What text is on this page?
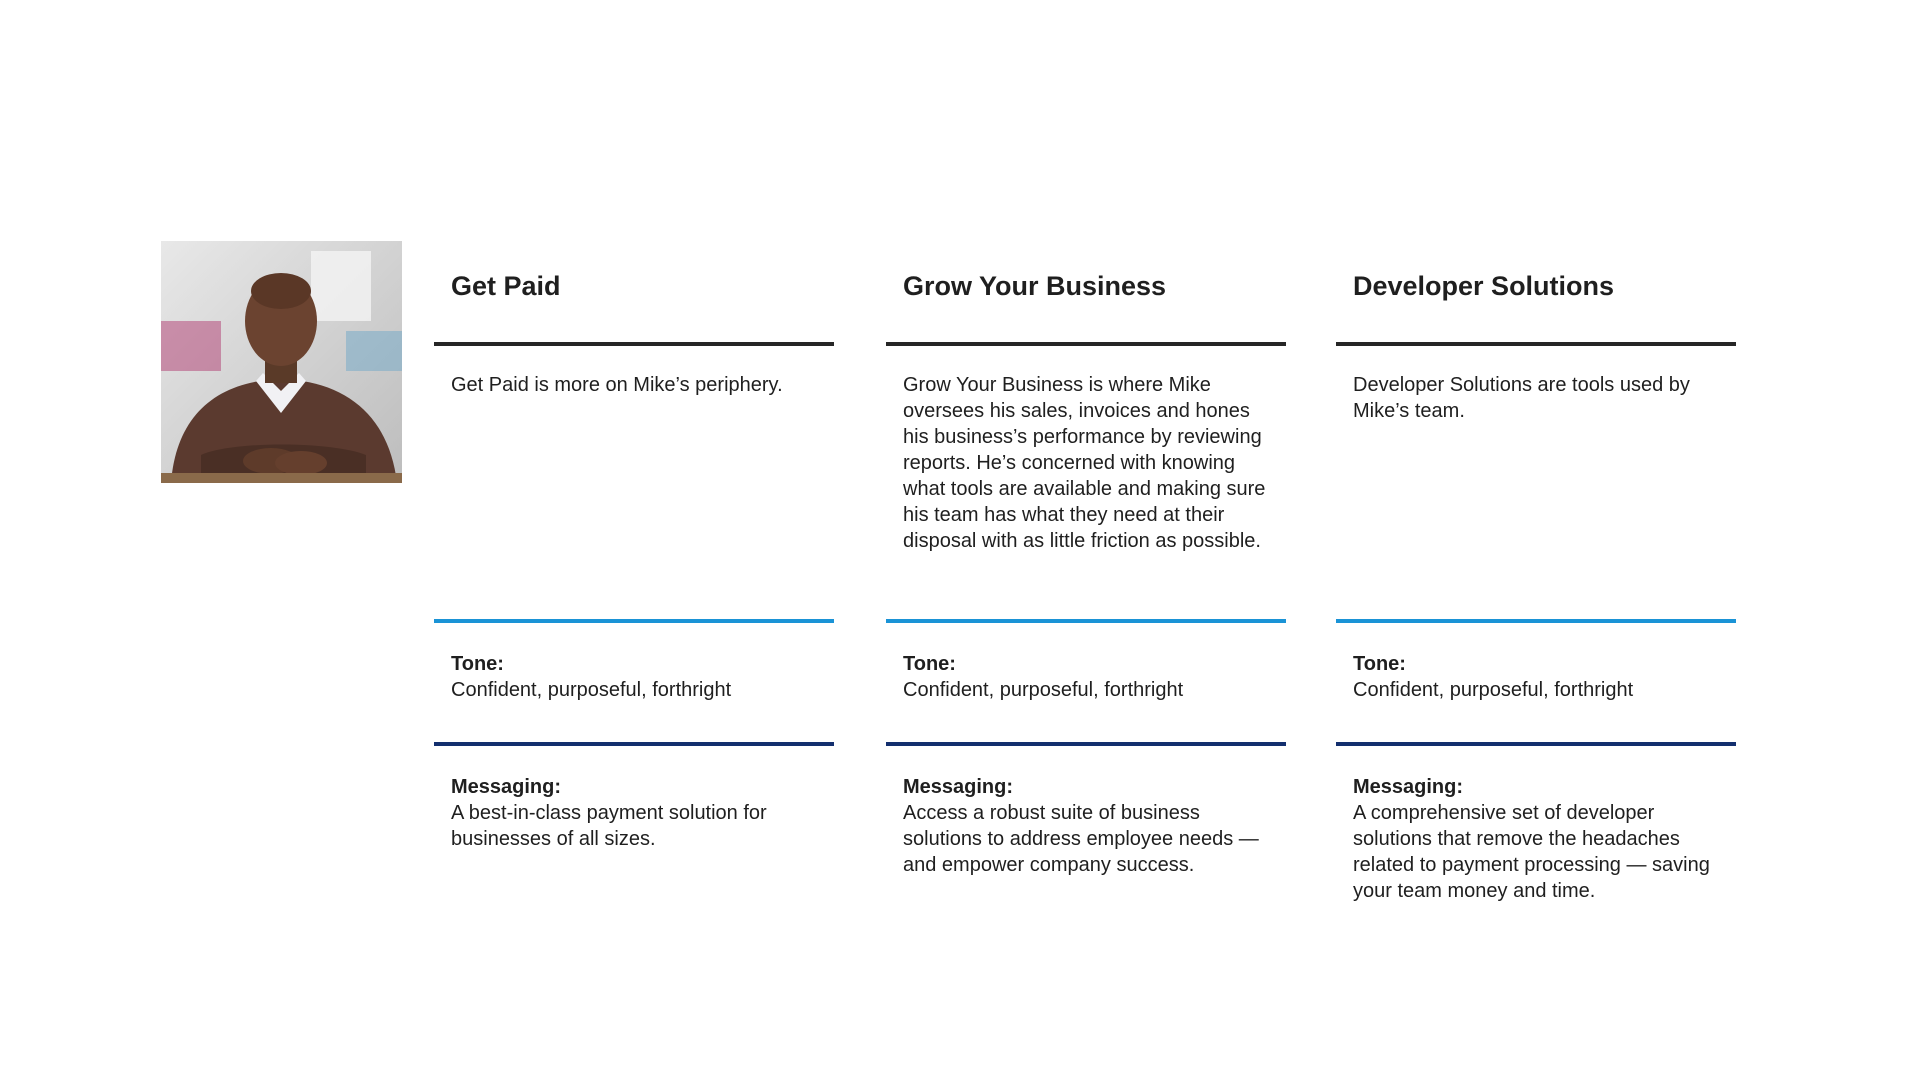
Get Paid

Get Paid is more on Mike’s periphery.

Tone:
Confident, purposeful, forthright
Messaging:
A best-in-class payment solution for businesses of all sizes.
Grow Your Business

Grow Your Business is where Mike oversees his sales, invoices and hones his business’s performance by reviewing reports. He’s concerned with knowing what tools are available and making sure his team has what they need at their disposal with as little friction as possible.

Tone:
Confident, purposeful, forthright
Messaging:
Access a robust suite of business solutions to address employee needs — and empower company success.
Developer Solutions

Developer Solutions are tools used by Mike’s team.

Tone:
Confident, purposeful, forthright
Messaging:
A comprehensive set of developer solutions that remove the headaches related to payment processing — saving your team money and time.
